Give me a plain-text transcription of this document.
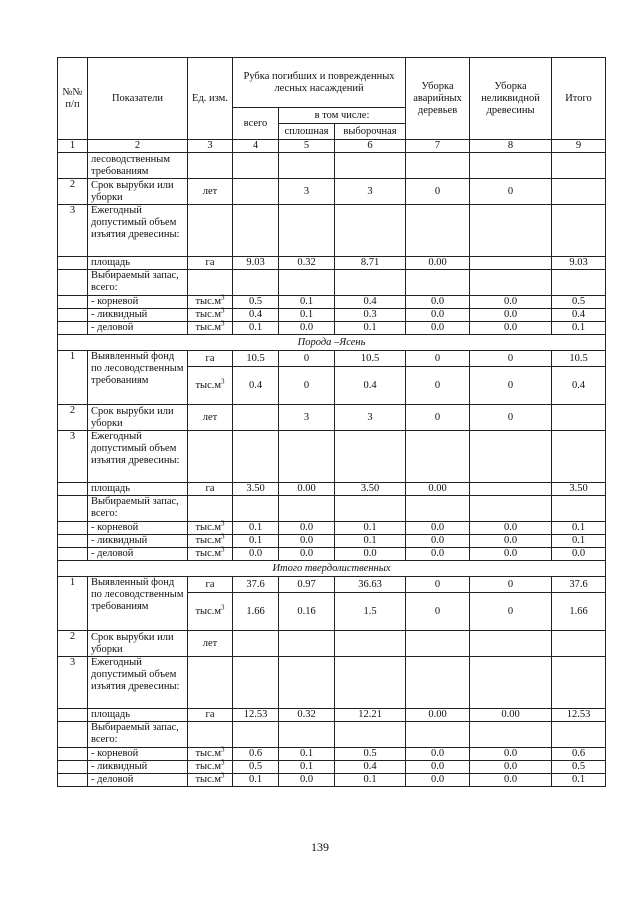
№№ п/п	Показатели	Ед. изм.	Рубка погибших и поврежденных лесных насаждений			Уборка аварийных деревьев	Уборка неликвидной древесины	Итого
			всего	в том числе:				
				сплошная	выборочная			
1	2	3	4	5	6	7	8	9
	лесоводственным требованиям							
2	Срок вырубки или уборки	лет		3	3	0	0	
3	Ежегодный допустимый объем изъятия древесины:							
	площадь	га	9.03	0.32	8.71	0.00		9.03
	Выбираемый запас, всего:							
	- корневой	$тыс.м^3$	0.5	0.1	0.4	0.0	0.0	0.5
	- ликвидный	$тыс.м^3$	0.4	0.1	0.3	0.0	0.0	0.4
	- деловой	$тыс.м^3$	0.1	0.0	0.1	0.0	0.0	0.1
Порода –Ясень								
1	Выявленный фонд по лесоводственным требованиям	га	10.5	0	10.5	0	0	10.5
		$тыс.м^3$	0.4	0	0.4	0	0	0.4
2	Срок вырубки или уборки	лет		3	3	0	0	
3	Ежегодный допустимый объем изъятия древесины:							
	площадь	га	3.50	0.00	3.50	0.00		3.50
	Выбираемый запас, всего:							
	- корневой	$тыс.м^3$	0.1	0.0	0.1	0.0	0.0	0.1
	- ликвидный	$тыс.м^3$	0.1	0.0	0.1	0.0	0.0	0.1
	- деловой	$тыс.м^3$	0.0	0.0	0.0	0.0	0.0	0.0
Итого твердолиственных								
1	Выявленный фонд по лесоводственным требованиям	га	37.6	0.97	36.63	0	0	37.6
		$тыс.м^3$	1.66	0.16	1.5	0	0	1.66
2	Срок вырубки или уборки	лет						
3	Ежегодный допустимый объем изъятия древесины:							
	площадь	га	12.53	0.32	12.21	0.00	0.00	12.53
	Выбираемый запас, всего:							
	- корневой	$тыс.м^3$	0.6	0.1	0.5	0.0	0.0	0.6
	- ликвидный	$тыс.м^3$	0.5	0.1	0.4	0.0	0.0	0.5
	- деловой	$тыс.м^3$	0.1	0.0	0.1	0.0	0.0	0.1
139
